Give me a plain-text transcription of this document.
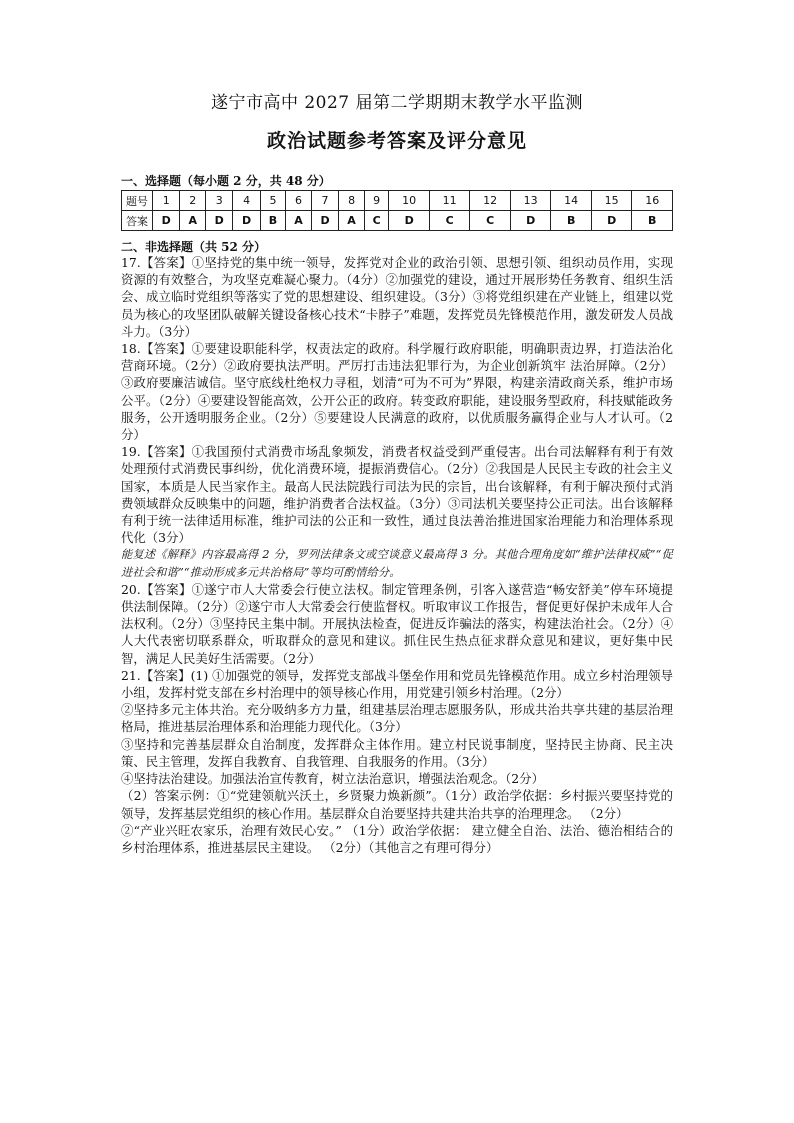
遂宁市高中 2027 届第二学期期末教学水平监测
政治试题参考答案及评分意见
一、选择题（每小题 2 分，共 48 分）
题号	1	2	3	4	5	6	7	8	9	10	11	12	13	14	15	16
答案	D	A	D	D	B	A	D	A	C	D	C	C	D	B	D	B
二、非选择题（共 52 分）

17.【答案】①坚持党的集中统一领导，发挥党对企业的政治引领、思想引领、组织动员作用，实现资源的有效整合，为攻坚克难凝心聚力。（4分）②加强党的建设，通过开展形势任务教育、组织生活会、成立临时党组织等落实了党的思想建设、组织建设。（3分）③将党组织建在产业链上，组建以党员为核心的攻坚团队破解关键设备核心技术“卡脖子”难题，发挥党员先锋模范作用，激发研发人员战斗力。（3分）

18.【答案】①要建设职能科学，权责法定的政府。科学履行政府职能，明确职责边界，打造法治化营商环境。（2分）②政府要执法严明。严厉打击违法犯罪行为，为企业创新筑牢 法治屏障。（2分）③政府要廉洁诚信。坚守底线杜绝权力寻租，划清“可为不可为”界限，构建亲清政商关系，维护市场公平。（2分）④要建设智能高效，公开公正的政府。转变政府职能，建设服务型政府，科技赋能政务服务，公开透明服务企业。（2分）⑤要建设人民满意的政府，以优质服务赢得企业与人才认可。（2分）

19.【答案】①我国预付式消费市场乱象频发，消费者权益受到严重侵害。出台司法解释有利于有效处理预付式消费民事纠纷，优化消费环境，提振消费信心。（2分）②我国是人民民主专政的社会主义国家，本质是人民当家作主。最高人民法院践行司法为民的宗旨，出台该解释，有利于解决预付式消费领域群众反映集中的问题，维护消费者合法权益。（3分）③司法机关要坚持公正司法。出台该解释有利于统一法律适用标准，维护司法的公正和一致性，通过良法善治推进国家治理能力和治理体系现代化（3分）

能复述《解释》内容最高得 2 分，罗列法律条文或空谈意义最高得 3 分。其他合理角度如“维护法律权威”“促进社会和谐”“推动形成多元共治格局”等均可酌情给分。

20.【答案】①遂宁市人大常委会行使立法权。制定管理条例，引客入遂营造“畅安舒美”停车环境提供法制保障。（2分）②遂宁市人大常委会行使监督权。听取审议工作报告，督促更好保护未成年人合法权利。（2分）③坚持民主集中制。开展执法检查，促进反诈骗法的落实，构建法治社会。（2分）④人大代表密切联系群众，听取群众的意见和建议。抓住民生热点征求群众意见和建议，更好集中民智，满足人民美好生活需要。（2分）

21.【答案】(1) ①加强党的领导，发挥党支部战斗堡垒作用和党员先锋模范作用。成立乡村治理领导小组，发挥村党支部在乡村治理中的领导核心作用，用党建引领乡村治理。（2分）

②坚持多元主体共治。充分吸纳多方力量，组建基层治理志愿服务队，形成共治共享共建的基层治理格局，推进基层治理体系和治理能力现代化。（3分）

③坚持和完善基层群众自治制度，发挥群众主体作用。建立村民说事制度，坚持民主协商、民主决策、民主管理，发挥自我教育、自我管理、自我服务的作用。（3分）

④坚持法治建设。加强法治宣传教育，树立法治意识，增强法治观念。（2分）

（2）答案示例：①“党建领航兴沃土，乡贤聚力焕新颜”。（1分）政治学依据：乡村振兴要坚持党的领导，发挥基层党组织的核心作用。基层群众自治要坚持共建共治共享的治理理念。 （2分）

②“产业兴旺农家乐，治理有效民心安。” （1分）政治学依据： 建立健全自治、法治、德治相结合的乡村治理体系，推进基层民主建设。 （2分）（其他言之有理可得分）
